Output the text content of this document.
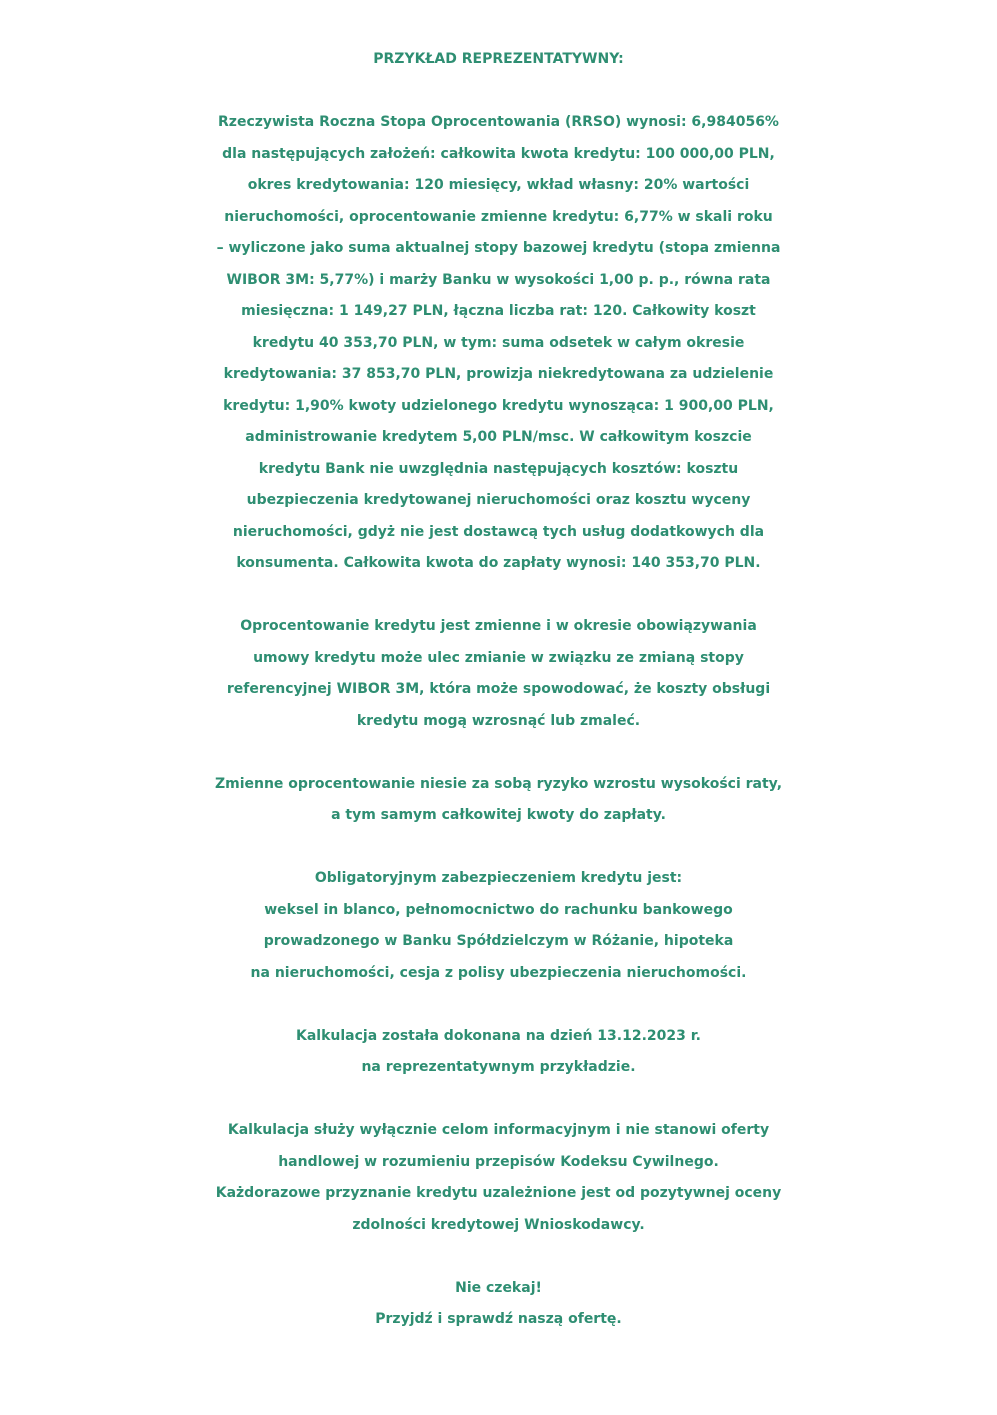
PRZYKŁAD REPREZENTATYWNY:
Rzeczywista Roczna Stopa Oprocentowania (RRSO) wynosi: 6,984056%
dla następujących założeń: całkowita kwota kredytu: 100 000,00 PLN,
okres kredytowania: 120 miesięcy, wkład własny: 20% wartości
nieruchomości, oprocentowanie zmienne kredytu: 6,77% w skali roku
– wyliczone jako suma aktualnej stopy bazowej kredytu (stopa zmienna
WIBOR 3M: 5,77%) i marży Banku w wysokości 1,00 p. p., równa rata
miesięczna: 1 149,27 PLN, łączna liczba rat: 120. Całkowity koszt
kredytu 40 353,70 PLN, w tym: suma odsetek w całym okresie
kredytowania: 37 853,70 PLN, prowizja niekredytowana za udzielenie
kredytu: 1,90% kwoty udzielonego kredytu wynosząca: 1 900,00 PLN,
administrowanie kredytem 5,00 PLN/msc. W całkowitym koszcie
kredytu Bank nie uwzględnia następujących kosztów: kosztu
ubezpieczenia kredytowanej nieruchomości oraz kosztu wyceny
nieruchomości, gdyż nie jest dostawcą tych usług dodatkowych dla
konsumenta. Całkowita kwota do zapłaty wynosi: 140 353,70 PLN.
Oprocentowanie kredytu jest zmienne i w okresie obowiązywania
umowy kredytu może ulec zmianie w związku ze zmianą stopy
referencyjnej WIBOR 3M, która może spowodować, że koszty obsługi
kredytu mogą wzrosnąć lub zmaleć.
Zmienne oprocentowanie niesie za sobą ryzyko wzrostu wysokości raty,
a tym samym całkowitej kwoty do zapłaty.
Obligatoryjnym zabezpieczeniem kredytu jest:
weksel in blanco, pełnomocnictwo do rachunku bankowego
prowadzonego w Banku Spółdzielczym w Różanie, hipoteka
na nieruchomości, cesja z polisy ubezpieczenia nieruchomości.
Kalkulacja została dokonana na dzień 13.12.2023 r.
na reprezentatywnym przykładzie.
Kalkulacja służy wyłącznie celom informacyjnym i nie stanowi oferty
handlowej w rozumieniu przepisów Kodeksu Cywilnego.
Każdorazowe przyznanie kredytu uzależnione jest od pozytywnej oceny
zdolności kredytowej Wnioskodawcy.
Nie czekaj!
Przyjdź i sprawdź naszą ofertę.
